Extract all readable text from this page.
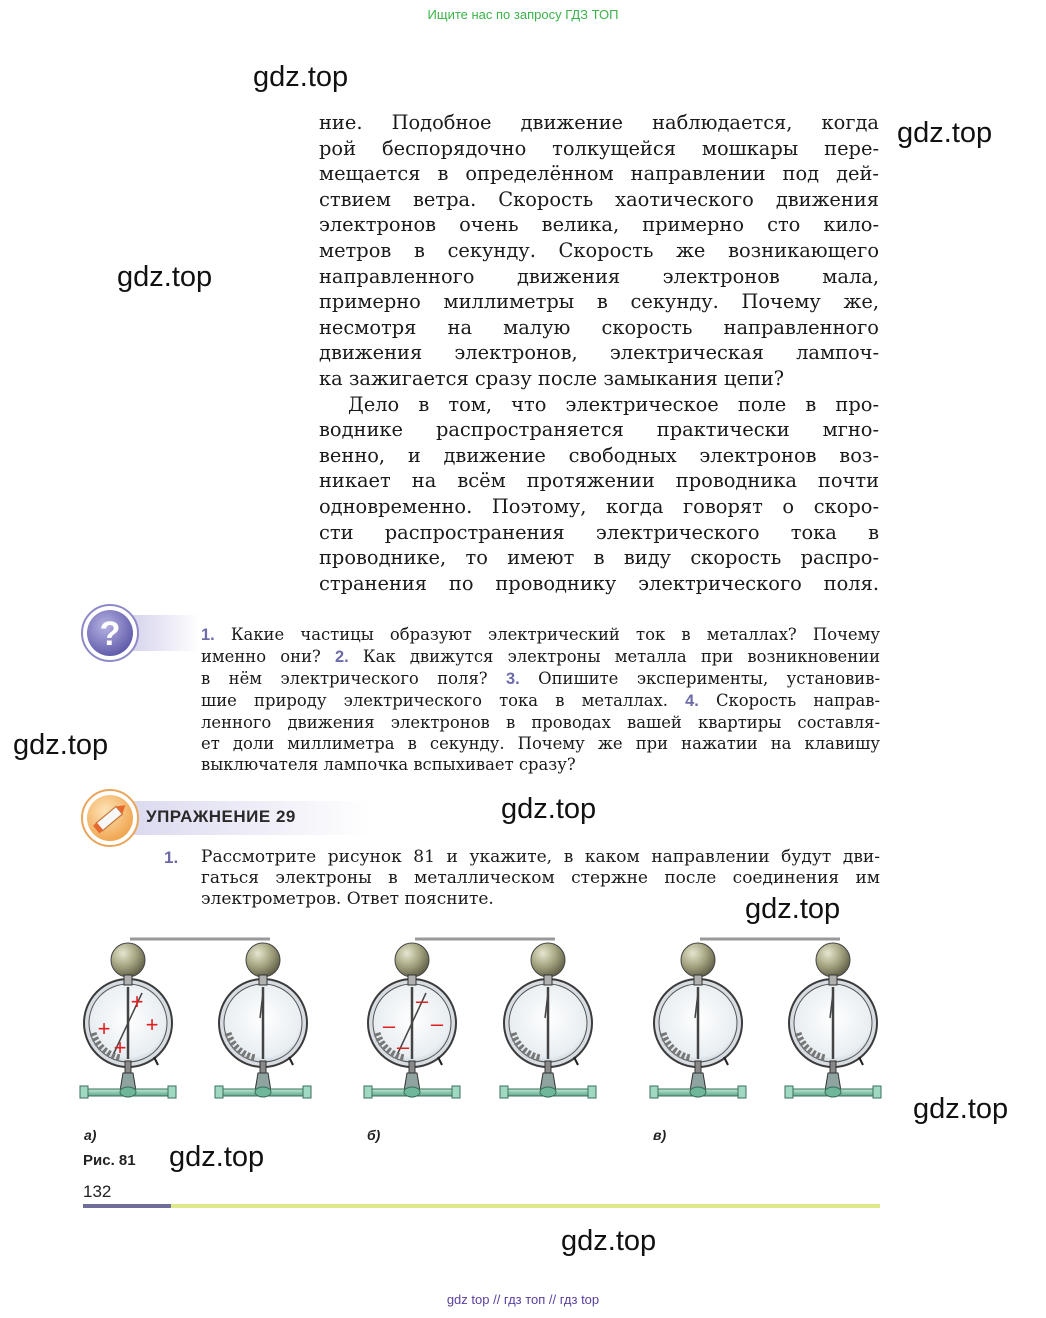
Ищите нас по запросу ГДЗ ТОП
gdz.top
gdz.top
gdz.top
gdz.top
gdz.top
gdz.top
gdz.top
gdz.top
gdz.top
ние. Подобное движение наблюдается, когда
рой беспорядочно толкущейся мошкары пере-
мещается в определённом направлении под дей-
ствием ветра. Скорость хаотического движения
электронов очень велика, примерно сто кило-
метров в секунду. Скорость же возникающего
направленного движения электронов мала,
примерно миллиметры в секунду. Почему же,
несмотря на малую скорость направленного
движения электронов, электрическая лампоч-
ка зажигается сразу после замыкания цепи?
Дело в том, что электрическое поле в про-
воднике распространяется практически мгно-
венно, и движение свободных электронов воз-
никает на всём протяжении проводника почти
одновременно. Поэтому, когда говорят о скоро-
сти распространения электрического тока в
проводнике, то имеют в виду скорость распро-
странения по проводнику электрического поля.
?	1. Какие частицы образуют электрический ток в металлах? Почему
именно они? 2. Как движутся электроны металла при возникновении
в нём электрического поля? 3. Опишите эксперименты, установив-
шие природу электрического тока в металлах. 4. Скорость направ-
ленного движения электронов в проводах вашей квартиры составля-
ет доли миллиметра в секунду. Почему же при нажатии на клавишу
выключателя лампочка вспыхивает сразу?
УПРАЖНЕНИЕ 29
1. Рассмотрите рисунок 81 и укажите, в каком направлении будут дви-
гаться электроны в металлическом стержне после соединения им
электрометров. Ответ поясните.
+
+
+
+
–
–
–
–
а)	б)	в)
Рис. 81
132
gdz top // гдз топ // гдз top
